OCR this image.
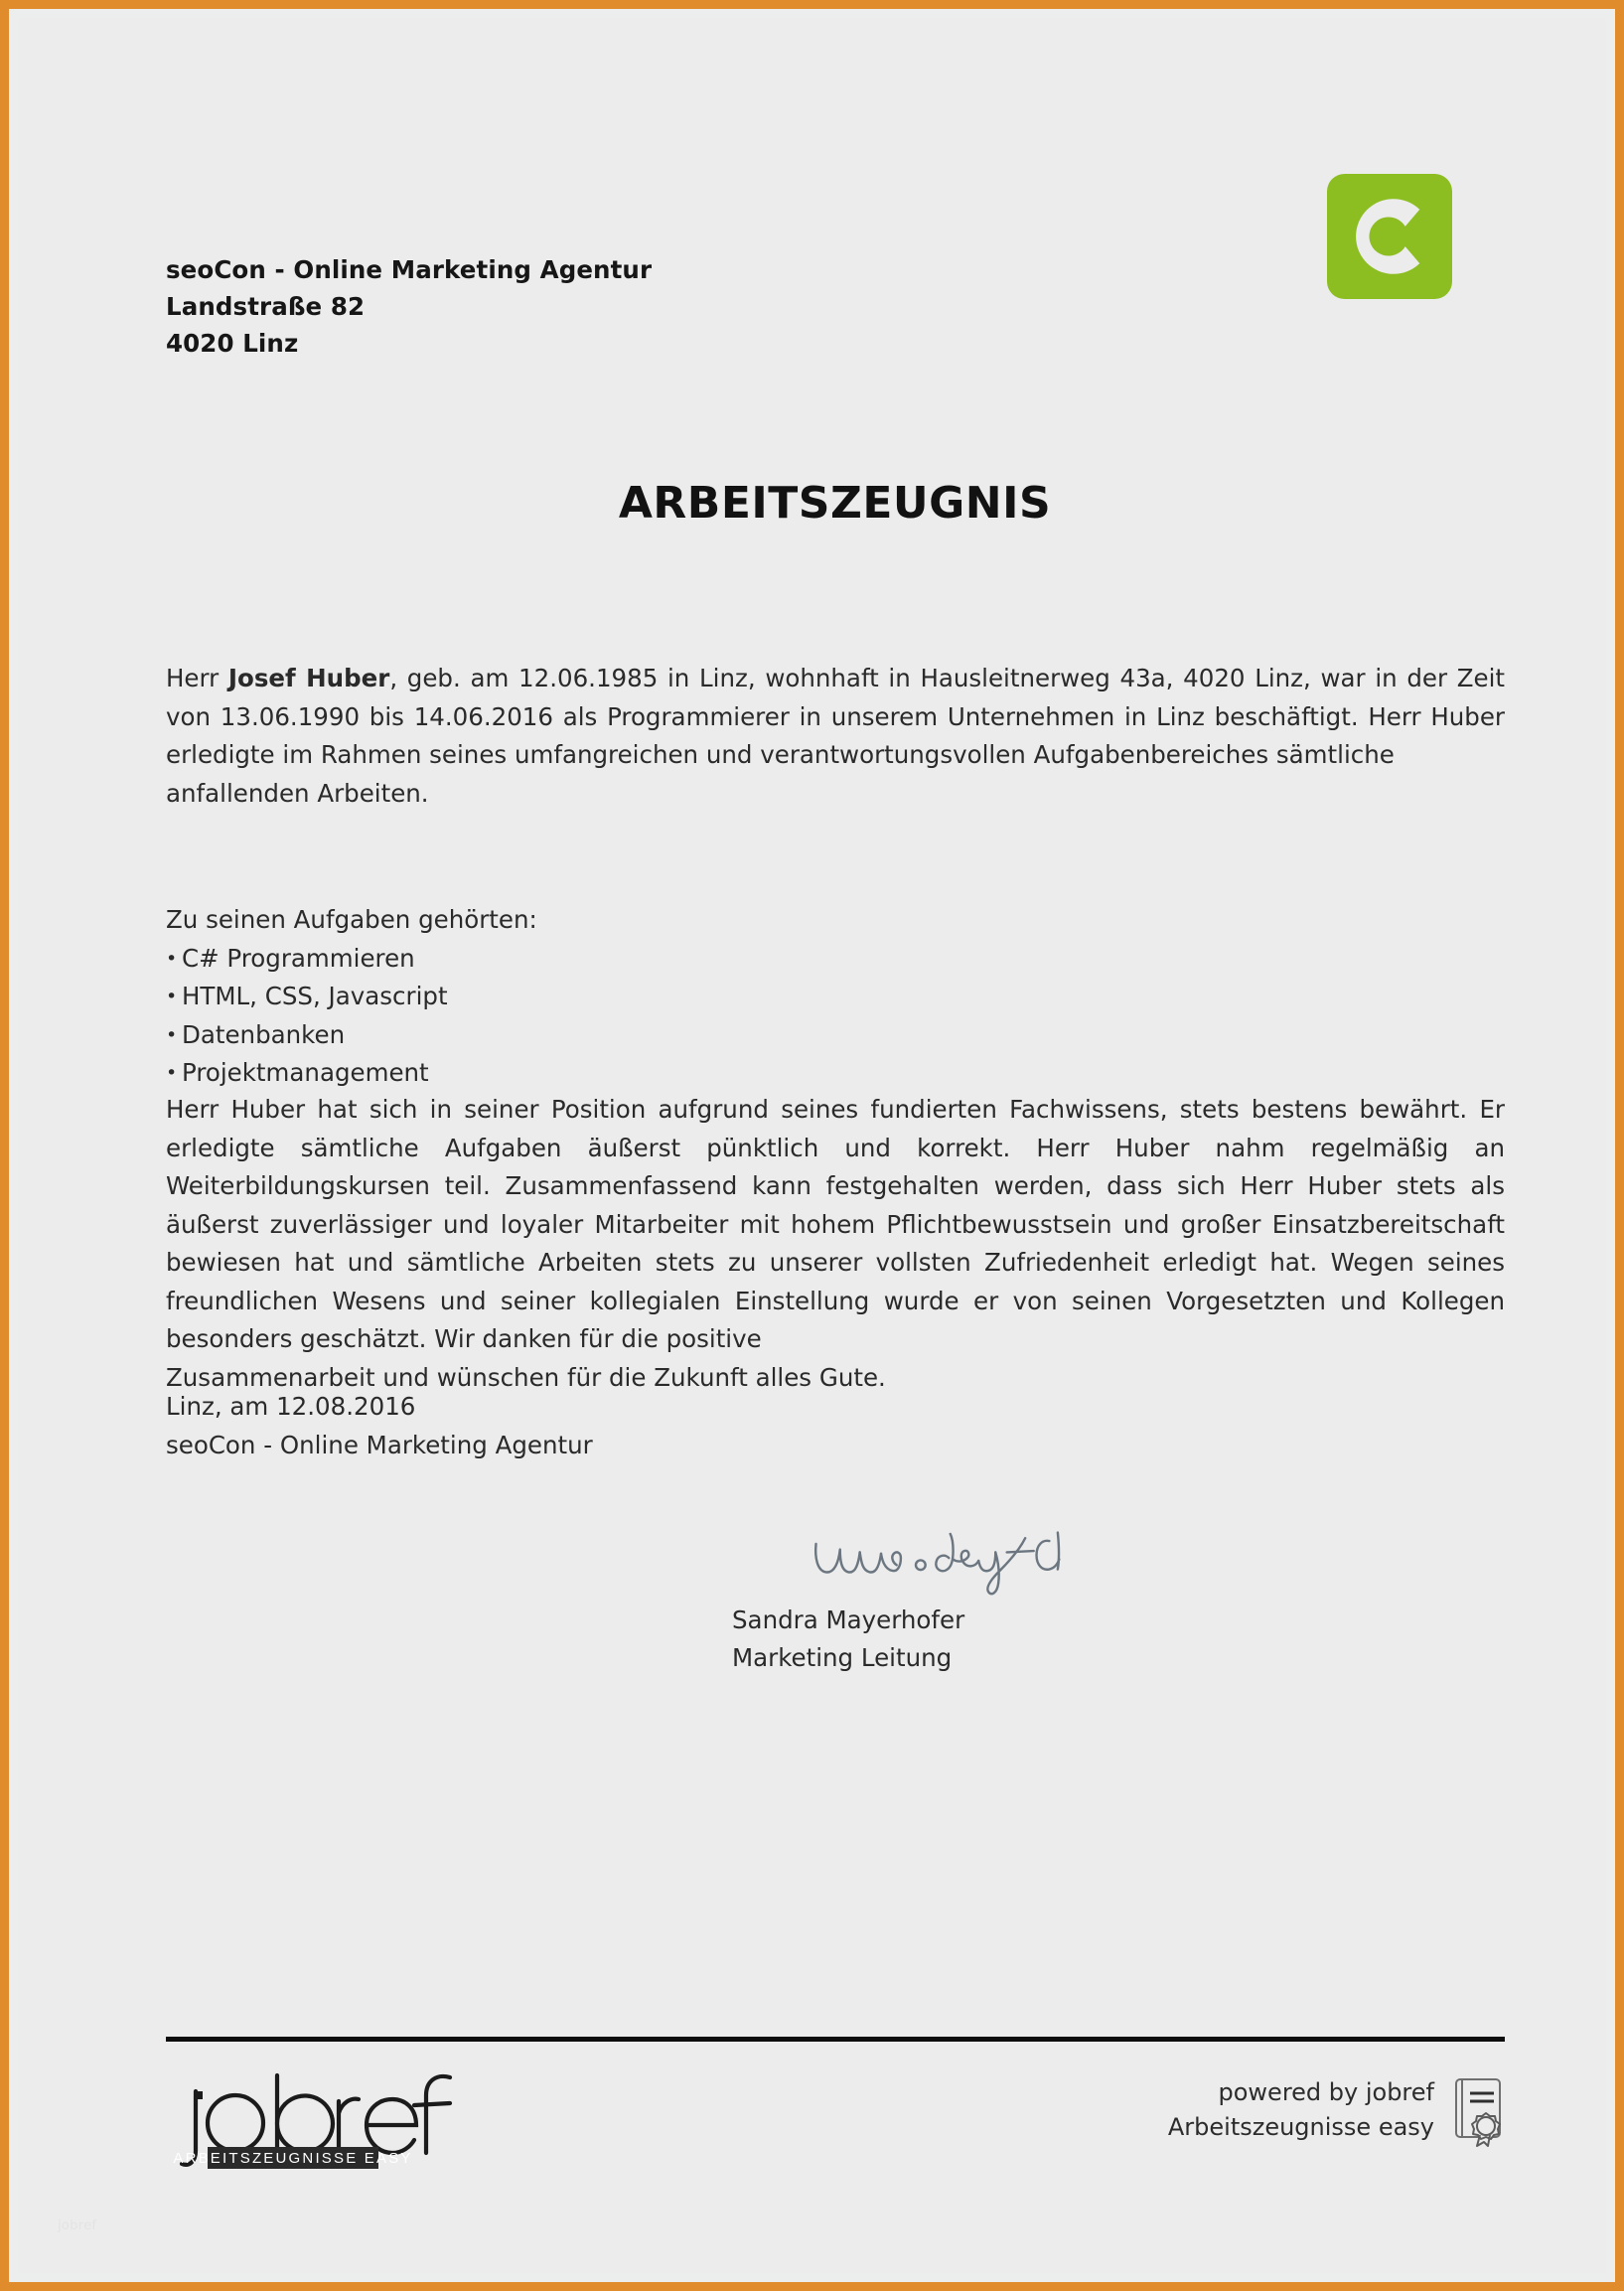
seoCon - Online Marketing Agentur
Landstraße 82
4020 Linz
ARBEITSZEUGNIS
Herr Josef Huber, geb. am 12.06.1985 in Linz, wohnhaft in Hausleitnerweg 43a, 4020 Linz, war in der Zeit von 13.06.1990 bis 14.06.2016 als Programmierer in unserem Unternehmen in Linz beschäftigt. Herr Huber erledigte im Rahmen seines umfangreichen und verantwortungsvollen Aufgabenbereiches sämtliche
anfallenden Arbeiten.

Zu seinen Aufgaben gehörten:

• C# Programmieren
• HTML, CSS, Javascript
• Datenbanken
• Projektmanagement
Herr Huber hat sich in seiner Position aufgrund seines fundierten Fachwissens, stets bestens bewährt. Er erledigte sämtliche Aufgaben äußerst pünktlich und korrekt. Herr Huber nahm regelmäßig an Weiterbildungskursen teil. Zusammenfassend kann festgehalten werden, dass sich Herr Huber stets als äußerst zuverlässiger und loyaler Mitarbeiter mit hohem Pflichtbewusstsein und großer Einsatzbereitschaft bewiesen hat und sämtliche Arbeiten stets zu unserer vollsten Zufriedenheit erledigt hat. Wegen seines freundlichen Wesens und seiner kollegialen Einstellung wurde er von seinen Vorgesetzten und Kollegen besonders geschätzt. Wir danken für die positive
Zusammenarbeit und wünschen für die Zukunft alles Gute.
Linz, am 12.08.2016
seoCon - Online Marketing Agentur
Sandra Mayerhofer
Marketing Leitung
ARBEITSZEUGNISSE EASY
powered by jobref
Arbeitszeugnisse easy
jobref
